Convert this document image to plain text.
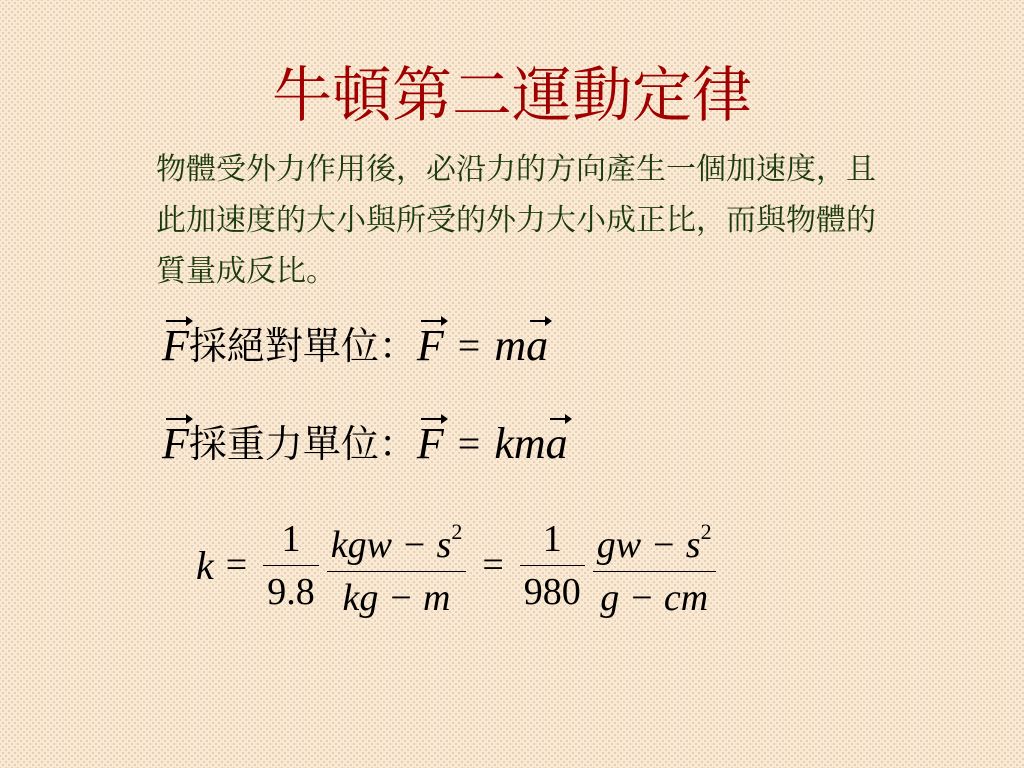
牛頓第二運動定律
物體受外力作用後，必沿力的方向產生一個加速度，且此加速度的大小與所受的外力大小成正比，而與物體的質量成反比。
F 採絕對單位： F = m a
F 採重力單位： F = k m a
$k = \frac{1}{9.8} \frac{kgw - s^2}{kg - m} = \frac{1}{980} \frac{gw - s^2}{g - cm}$
